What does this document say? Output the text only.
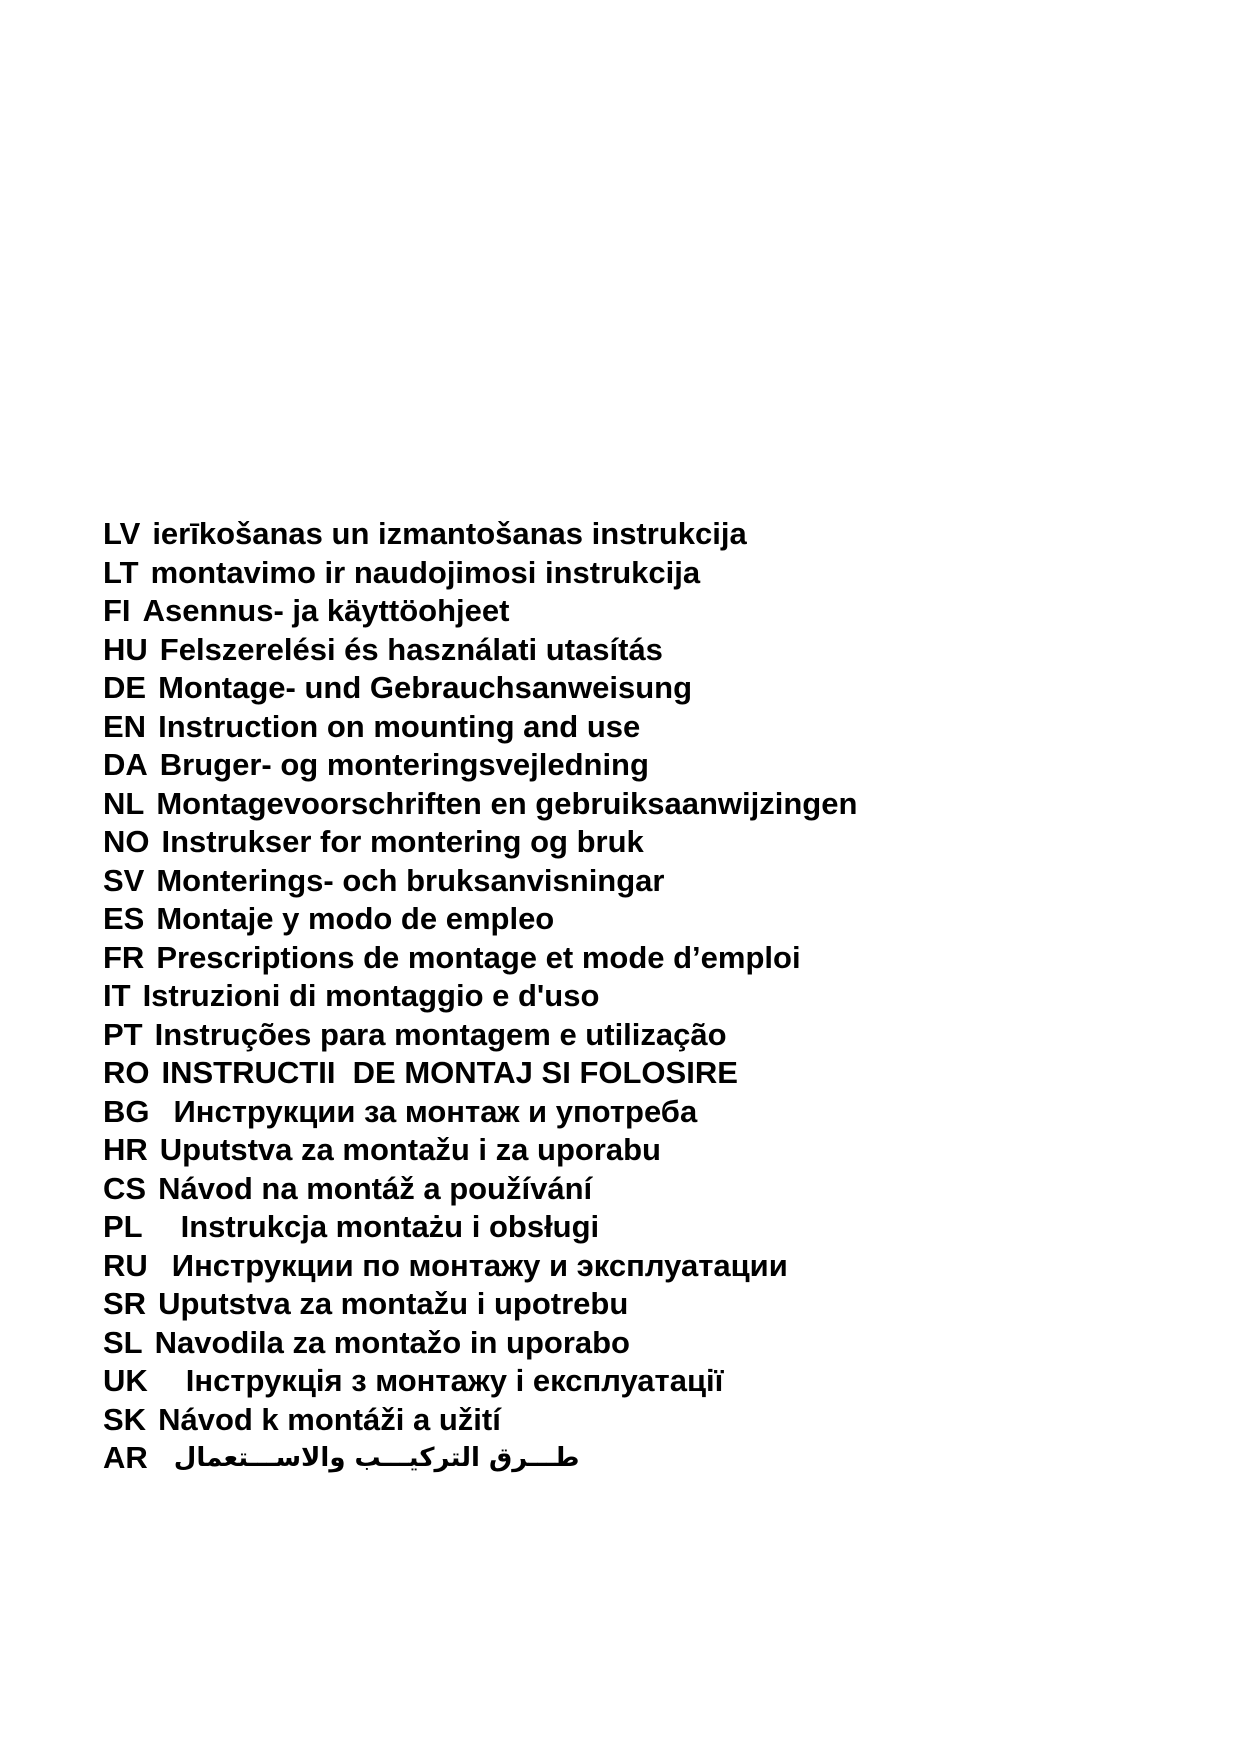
LV ierīkošanas un izmantošanas instrukcija
LT montavimo ir naudojimosi instrukcija
FI Asennus- ja käyttöohjeet
HU Felszerelési és használati utasítás
DE Montage- und Gebrauchsanweisung
EN Instruction on mounting and use
DA Bruger- og monteringsvejledning
NL Montagevoorschriften en gebruiksaanwijzingen
NO Instrukser for montering og bruk
SV Monterings- och bruksanvisningar
ES Montaje y modo de empleo
FR Prescriptions de montage et mode d’emploi
IT Istruzioni di montaggio e d'uso
PT Instruções para montagem e utilização
RO INSTRUCTII  DE MONTAJ SI FOLOSIRE
BG Инструкции за монтаж и употреба
HR Uputstva za montažu i za uporabu
CS Návod na montáž a používání
PL Instrukcja montażu i obsługi
RU Инструкции по монтажу и эксплуатации
SR Uputstva za montažu i upotrebu
SL Navodila za montažo in uporabo
UK Інструкція з монтажу і експлуатації
SK Návod k montáži a užití
AR طـــرق التركيـــب والاســـتعمال
